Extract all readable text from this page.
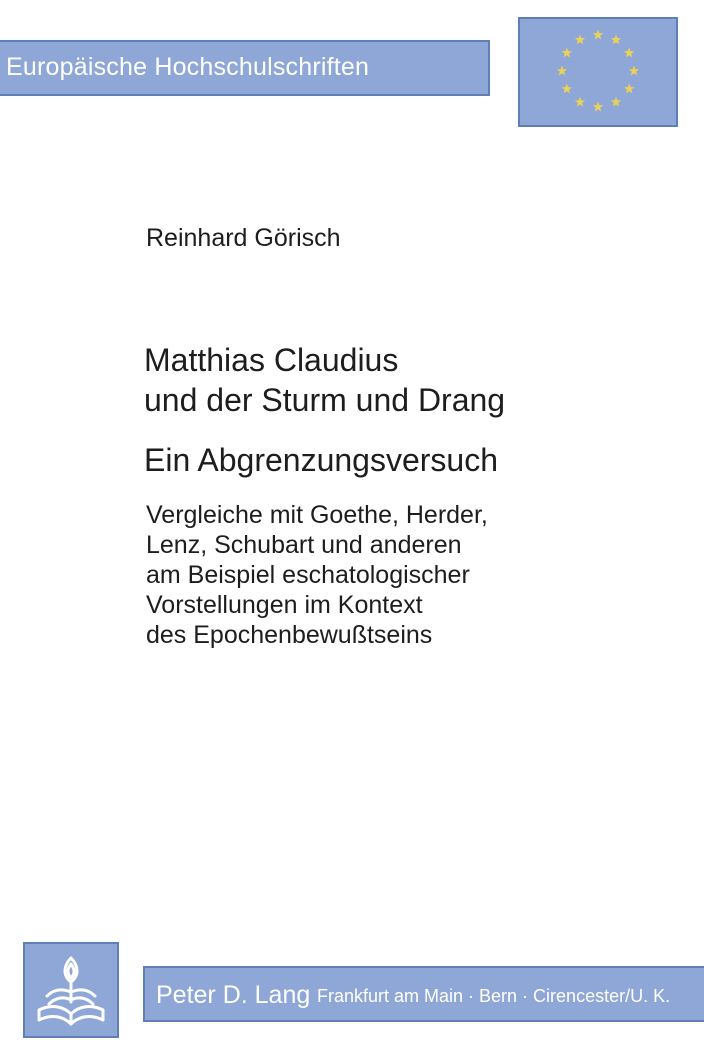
Europäische Hochschulschriften
Reinhard Görisch
Matthias Claudius
und der Sturm und Drang
Ein Abgrenzungsversuch
Vergleiche mit Goethe, Herder,
Lenz, Schubart und anderen
am Beispiel eschatologischer
Vorstellungen im Kontext
des Epochenbewußtseins
Peter D. Lang Frankfurt am Main · Bern · Cirencester/U. K.
